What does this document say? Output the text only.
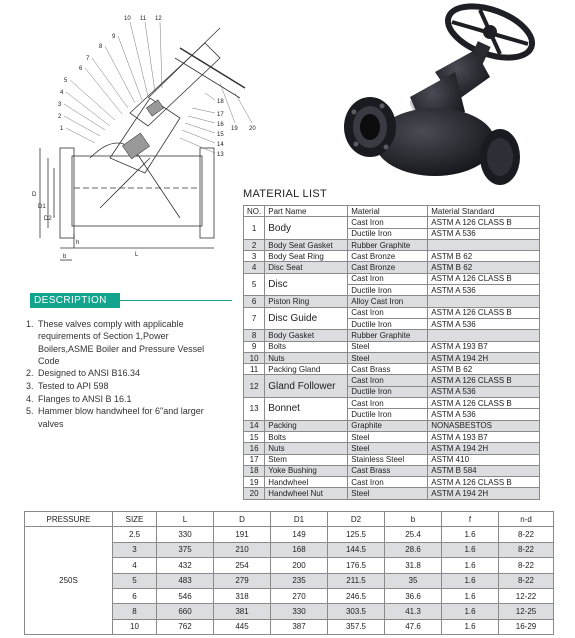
1
2
3
4
5
6
7
8
9
10 11 12
13
14
15
16
17
18
19 20
L
h
b
D
D1
D2
MATERIAL LIST
NO.	Part Name	Material	Material Standard
1	Body	Cast Iron	ASTM A 126 CLASS B
		Ductile Iron	ASTM A 536
2	Body Seat Gasket	Rubber Graphite	
3	Body Seat Ring	Cast Bronze	ASTM B 62
4	Disc Seat	Cast Bronze	ASTM B 62
5	Disc	Cast Iron	ASTM A 126 CLASS B
		Ductile Iron	ASTM A 536
6	Piston Ring	Alloy Cast Iron	
7	Disc Guide	Cast Iron	ASTM A 126 CLASS B
		Ductile Iron	ASTM A 536
8	Body Gasket	Rubber Graphite	
9	Bolts	Steel	ASTM A 193 B7
10	Nuts	Steel	ASTM A 194 2H
11	Packing Gland	Cast Brass	ASTM B 62
12	Gland Follower	Cast Iron	ASTM A 126 CLASS B
		Ductile Iron	ASTM A 536
13	Bonnet	Cast Iron	ASTM A 126 CLASS B
		Ductile Iron	ASTM A 536
14	Packing	Graphite	NONASBESTOS
15	Bolts	Steel	ASTM A 193 B7
16	Nuts	Steel	ASTM A 194 2H
17	Stem	Stainless Steel	ASTM 410
18	Yoke Bushing	Cast Brass	ASTM B 584
19	Handwheel	Cast Iron	ASTM A 126 CLASS B
20	Handwheel Nut	Steel	ASTM A 194 2H
DESCRIPTION
1. These valves comply with applicable requirements of Section 1,Power Boilers,ASME Boiler and Pressure Vessel Code
2. Designed to ANSI B16.34
3. Tested to API 598
4. Flanges to ANSI B 16.1
5. Hammer blow handwheel for 6"and larger valves
PRESSURE	SIZE	L	D	D1	D2	b	f	n-d
250S	2.5	330	191	149	125.5	25.4	1.6	8-22
	3	375	210	168	144.5	28.6	1.6	8-22
	4	432	254	200	176.5	31.8	1.6	8-22
	5	483	279	235	211.5	35	1.6	8-22
	6	546	318	270	246.5	36.6	1.6	12-22
	8	660	381	330	303.5	41.3	1.6	12-25
	10	762	445	387	357.5	47.6	1.6	16-29
